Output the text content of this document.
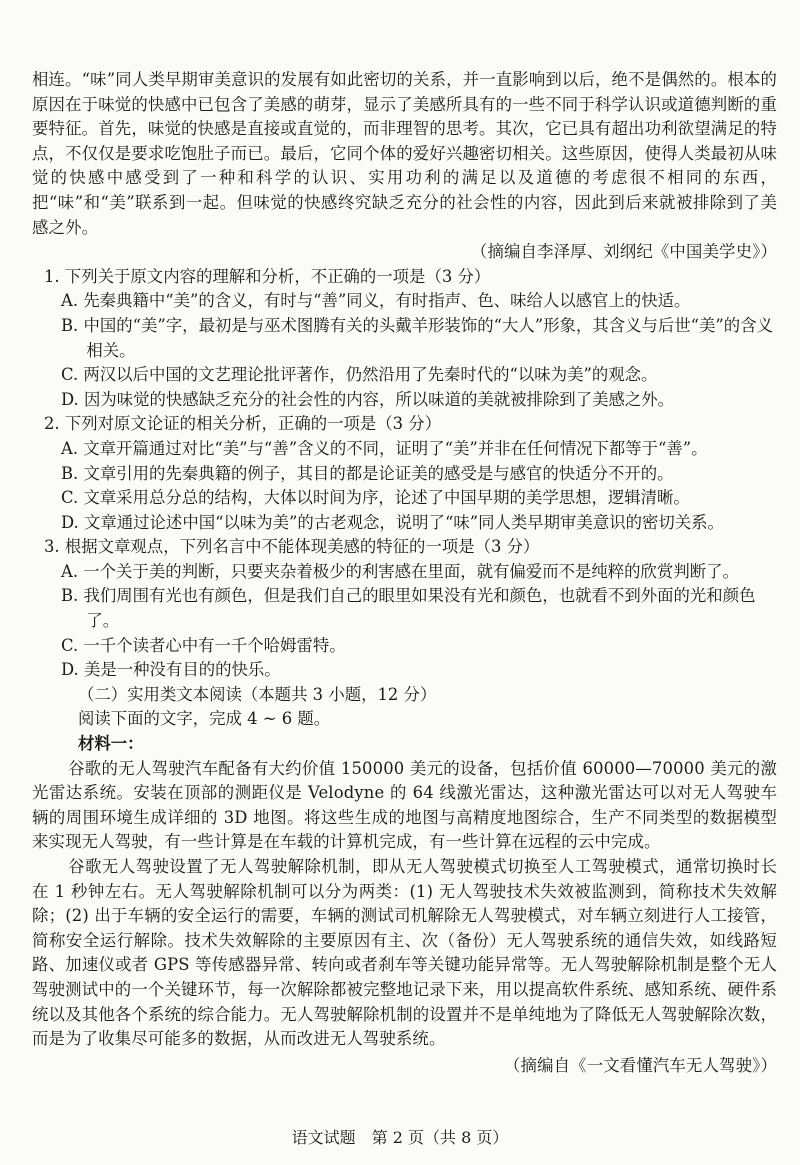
相连。“味”同人类早期审美意识的发展有如此密切的关系，并一直影响到以后，绝不是偶然的。根本的原因在于味觉的快感中已包含了美感的萌芽，显示了美感所具有的一些不同于科学认识或道德判断的重要特征。首先，味觉的快感是直接或直觉的，而非理智的思考。其次，它已具有超出功利欲望满足的特点，不仅仅是要求吃饱肚子而已。最后，它同个体的爱好兴趣密切相关。这些原因，使得人类最初从味觉的快感中感受到了一种和科学的认识、实用功利的满足以及道德的考虑很不相同的东西，把“味”和“美”联系到一起。但味觉的快感终究缺乏充分的社会性的内容，因此到后来就被排除到了美感之外。

（摘编自李泽厚、刘纲纪《中国美学史》）

1. 下列关于原文内容的理解和分析，不正确的一项是（3 分）

A. 先秦典籍中“美”的含义，有时与“善”同义，有时指声、色、味给人以感官上的快适。
B. 中国的“美”字，最初是与巫术图腾有关的头戴羊形装饰的“大人”形象，其含义与后世“美”的含义相关。
C. 两汉以后中国的文艺理论批评著作，仍然沿用了先秦时代的“以味为美”的观念。
D. 因为味觉的快感缺乏充分的社会性的内容，所以味道的美就被排除到了美感之外。

2. 下列对原文论证的相关分析，正确的一项是（3 分）

A. 文章开篇通过对比“美”与“善”含义的不同，证明了“美”并非在任何情况下都等于“善”。
B. 文章引用的先秦典籍的例子，其目的都是论证美的感受是与感官的快适分不开的。
C. 文章采用总分总的结构，大体以时间为序，论述了中国早期的美学思想，逻辑清晰。
D. 文章通过论述中国“以味为美”的古老观念，说明了“味”同人类早期审美意识的密切关系。

3. 根据文章观点，下列名言中不能体现美感的特征的一项是（3 分）

A. 一个关于美的判断，只要夹杂着极少的利害感在里面，就有偏爱而不是纯粹的欣赏判断了。
B. 我们周围有光也有颜色，但是我们自己的眼里如果没有光和颜色，也就看不到外面的光和颜色了。
C. 一千个读者心中有一千个哈姆雷特。
D. 美是一种没有目的的快乐。
（二）实用类文本阅读（本题共 3 小题，12 分）
阅读下面的文字，完成 4 ~ 6 题。
材料一：

谷歌的无人驾驶汽车配备有大约价值 150000 美元的设备，包括价值 60000—70000 美元的激光雷达系统。安装在顶部的测距仪是 Velodyne 的 64 线激光雷达，这种激光雷达可以对无人驾驶车辆的周围环境生成详细的 3D 地图。将这些生成的地图与高精度地图综合，生产不同类型的数据模型来实现无人驾驶，有一些计算是在车载的计算机完成，有一些计算在远程的云中完成。

谷歌无人驾驶设置了无人驾驶解除机制，即从无人驾驶模式切换至人工驾驶模式，通常切换时长在 1 秒钟左右。无人驾驶解除机制可以分为两类：(1) 无人驾驶技术失效被监测到，简称技术失效解除；(2) 出于车辆的安全运行的需要，车辆的测试司机解除无人驾驶模式，对车辆立刻进行人工接管，简称安全运行解除。技术失效解除的主要原因有主、次（备份）无人驾驶系统的通信失效，如线路短路、加速仪或者 GPS 等传感器异常、转向或者刹车等关键功能异常等。无人驾驶解除机制是整个无人驾驶测试中的一个关键环节，每一次解除都被完整地记录下来，用以提高软件系统、感知系统、硬件系统以及其他各个系统的综合能力。无人驾驶解除机制的设置并不是单纯地为了降低无人驾驶解除次数，而是为了收集尽可能多的数据，从而改进无人驾驶系统。

（摘编自《一文看懂汽车无人驾驶》）

语文试题　第 2 页（共 8 页）
